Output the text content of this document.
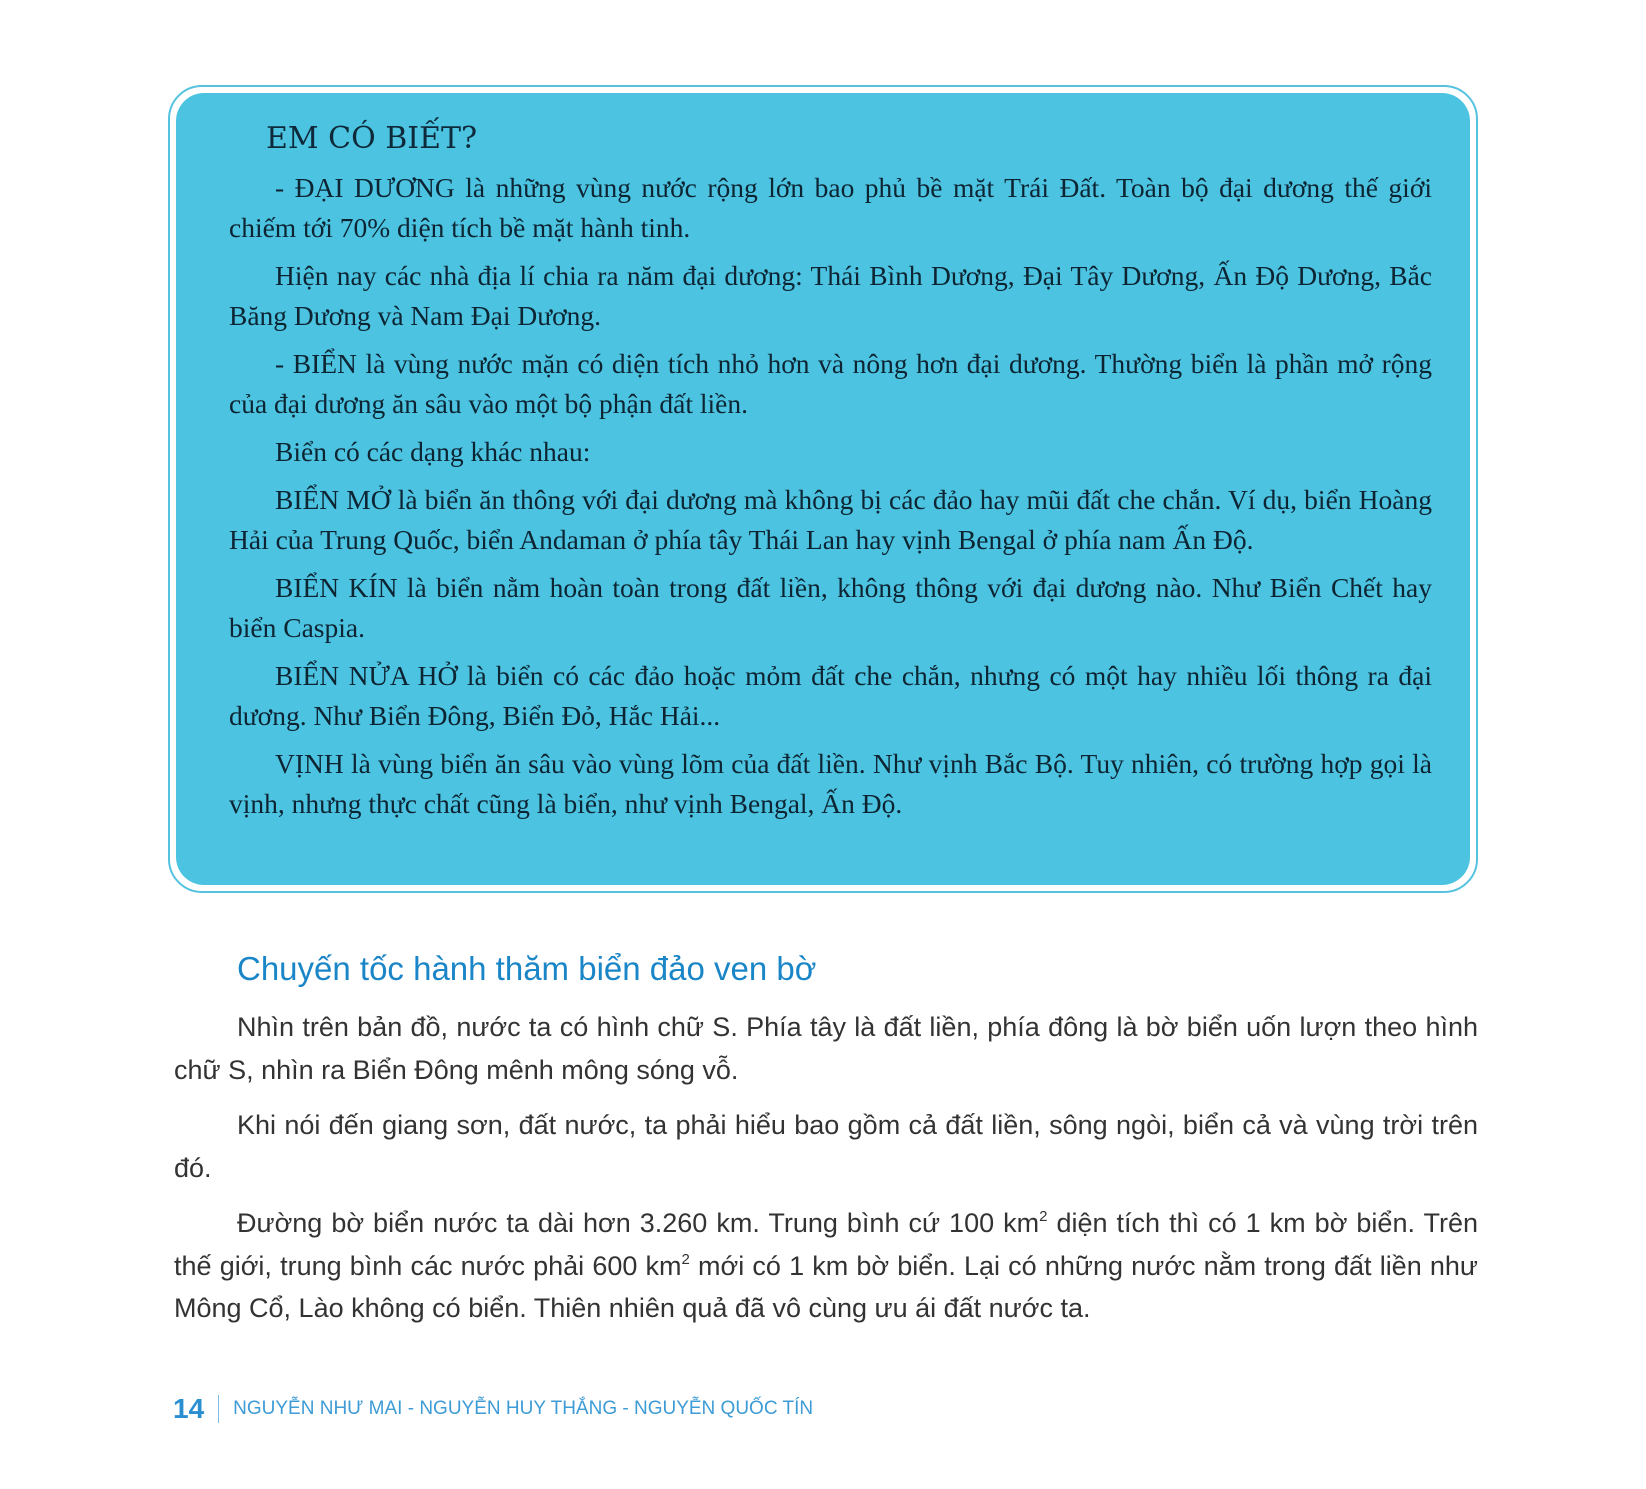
EM CÓ BIẾT?

- ĐẠI DƯƠNG là những vùng nước rộng lớn bao phủ bề mặt Trái Đất. Toàn bộ đại dương thế giới chiếm tới 70% diện tích bề mặt hành tinh.

Hiện nay các nhà địa lí chia ra năm đại dương: Thái Bình Dương, Đại Tây Dương, Ấn Độ Dương, Bắc Băng Dương và Nam Đại Dương.

- BIỂN là vùng nước mặn có diện tích nhỏ hơn và nông hơn đại dương. Thường biển là phần mở rộng của đại dương ăn sâu vào một bộ phận đất liền.

Biển có các dạng khác nhau:

BIỂN MỞ là biển ăn thông với đại dương mà không bị các đảo hay mũi đất che chắn. Ví dụ, biển Hoàng Hải của Trung Quốc, biển Andaman ở phía tây Thái Lan hay vịnh Bengal ở phía nam Ấn Độ.

BIỂN KÍN là biển nằm hoàn toàn trong đất liền, không thông với đại dương nào. Như Biển Chết hay biển Caspia.

BIỂN NỬA HỞ là biển có các đảo hoặc mỏm đất che chắn, nhưng có một hay nhiều lối thông ra đại dương. Như Biển Đông, Biển Đỏ, Hắc Hải...

VỊNH là vùng biển ăn sâu vào vùng lõm của đất liền. Như vịnh Bắc Bộ. Tuy nhiên, có trường hợp gọi là vịnh, nhưng thực chất cũng là biển, như vịnh Bengal, Ấn Độ.

Chuyến tốc hành thăm biển đảo ven bờ

Nhìn trên bản đồ, nước ta có hình chữ S. Phía tây là đất liền, phía đông là bờ biển uốn lượn theo hình chữ S, nhìn ra Biển Đông mênh mông sóng vỗ.

Khi nói đến giang sơn, đất nước, ta phải hiểu bao gồm cả đất liền, sông ngòi, biển cả và vùng trời trên đó.

Đường bờ biển nước ta dài hơn 3.260 km. Trung bình cứ 100 $km^2$ diện tích thì có 1 km bờ biển. Trên thế giới, trung bình các nước phải 600 $km^2$ mới có 1 km bờ biển. Lại có những nước nằm trong đất liền như Mông Cổ, Lào không có biển. Thiên nhiên quả đã vô cùng ưu ái đất nước ta.

14 NGUYỄN NHƯ MAI - NGUYỄN HUY THẮNG - NGUYỄN QUỐC TÍN
